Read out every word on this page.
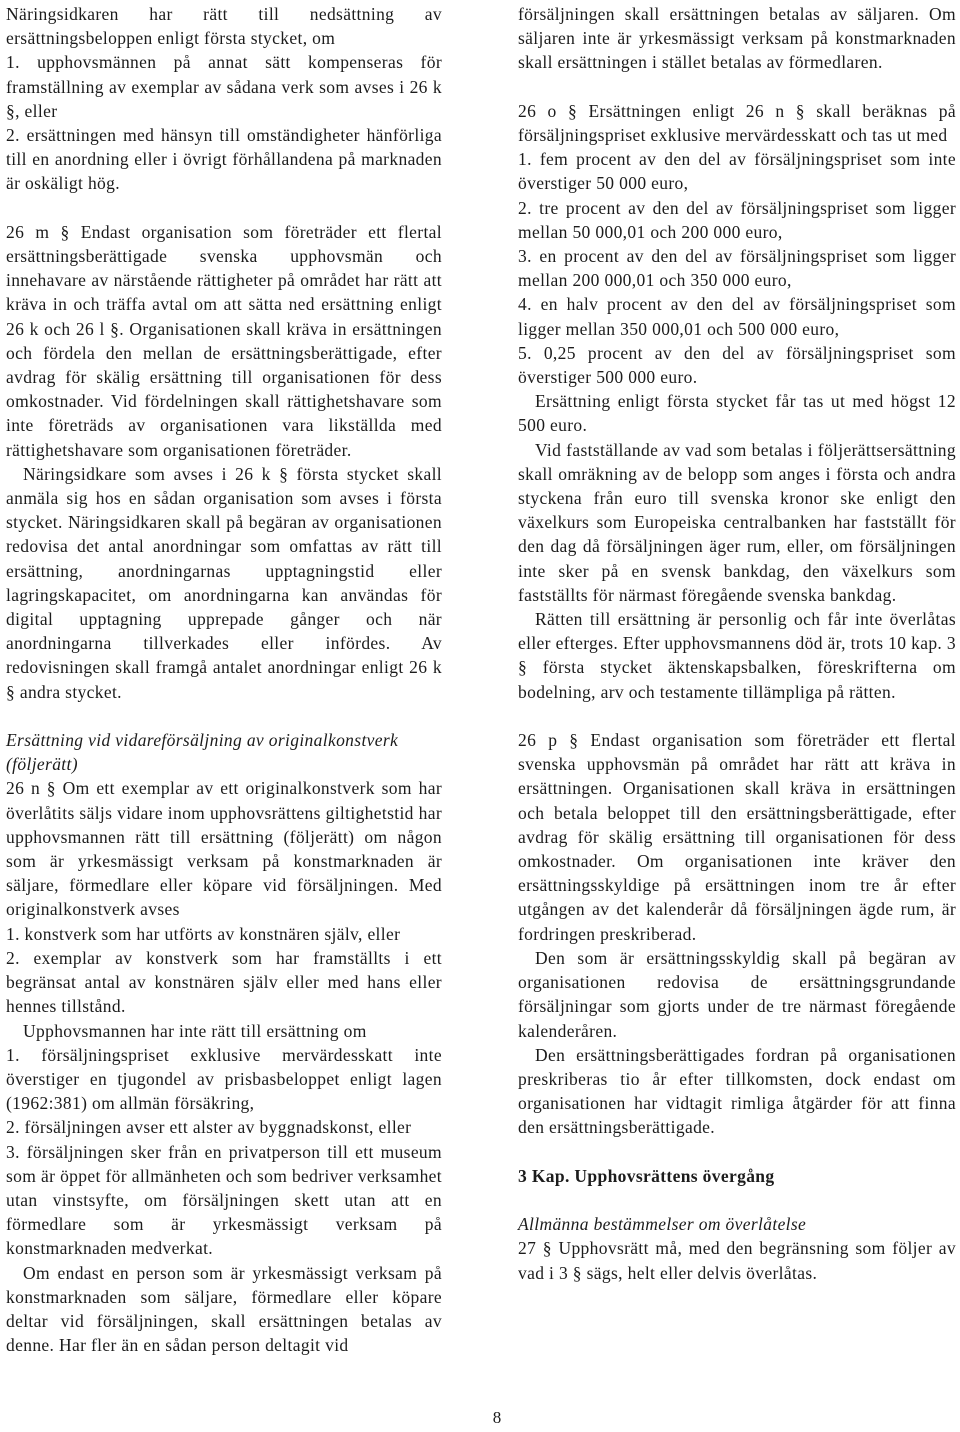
Näringsidkaren har rätt till nedsättning av ersättningsbeloppen enligt första stycket, om

1. upphovsmännen på annat sätt kompenseras för framställning av exemplar av sådana verk som avses i 26 k §, eller

2. ersättningen med hänsyn till omständigheter hänförliga till en anordning eller i övrigt förhållandena på marknaden är oskäligt hög.

26 m § Endast organisation som företräder ett flertal ersättningsberättigade svenska upphovsmän och innehavare av närstående rättigheter på området har rätt att kräva in och träffa avtal om att sätta ned ersättning enligt 26 k och 26 l §. Organisationen skall kräva in ersättningen och fördela den mellan de ersättningsberättigade, efter avdrag för skälig ersättning till organisationen för dess omkostnader. Vid fördelningen skall rättighetshavare som inte företräds av organisationen vara likställda med rättighetshavare som organisationen företräder.

Näringsidkare som avses i 26 k § första stycket skall anmäla sig hos en sådan organisation som avses i första stycket. Näringsidkaren skall på begäran av organisationen redovisa det antal anordningar som omfattas av rätt till ersättning, anordningarnas upptagningstid eller lagringskapacitet, om anordningarna kan användas för digital upptagning upprepade gånger och när anordningarna tillverkades eller infördes. Av redovisningen skall framgå antalet anordningar enligt 26 k § andra stycket.

Ersättning vid vidareförsäljning av originalkonstverk (följerätt)

26 n § Om ett exemplar av ett originalkonstverk som har överlåtits säljs vidare inom upphovsrättens giltighetstid har upphovsmannen rätt till ersättning (följerätt) om någon som är yrkesmässigt verksam på konstmarknaden är säljare, förmedlare eller köpare vid försäljningen. Med originalkonstverk avses

1. konstverk som har utförts av konstnären själv, eller

2. exemplar av konstverk som har framställts i ett begränsat antal av konstnären själv eller med hans eller hennes tillstånd.

Upphovsmannen har inte rätt till ersättning om

1. försäljningspriset exklusive mervärdesskatt inte överstiger en tjugondel av prisbasbeloppet enligt lagen (1962:381) om allmän försäkring,

2. försäljningen avser ett alster av byggnadskonst, eller

3. försäljningen sker från en privatperson till ett museum som är öppet för allmänheten och som bedriver verksamhet utan vinstsyfte, om försäljningen skett utan att en förmedlare som är yrkesmässigt verksam på konstmarknaden medverkat.

Om endast en person som är yrkesmässigt verksam på konstmarknaden som säljare, förmedlare eller köpare deltar vid försäljningen, skall ersättningen betalas av denne. Har fler än en sådan person deltagit vid

försäljningen skall ersättningen betalas av säljaren. Om säljaren inte är yrkesmässigt verksam på konstmarknaden skall ersättningen i stället betalas av förmedlaren.

26 o § Ersättningen enligt 26 n § skall beräknas på försäljningspriset exklusive mervärdesskatt och tas ut med

1. fem procent av den del av försäljningspriset som inte överstiger 50 000 euro,

2. tre procent av den del av försäljningspriset som ligger mellan 50 000,01 och 200 000 euro,

3. en procent av den del av försäljningspriset som ligger mellan 200 000,01 och 350 000 euro,

4. en halv procent av den del av försäljningspriset som ligger mellan 350 000,01 och 500 000 euro,

5. 0,25 procent av den del av försäljningspriset som överstiger 500 000 euro.

Ersättning enligt första stycket får tas ut med högst 12 500 euro.

Vid fastställande av vad som betalas i följerättsersättning skall omräkning av de belopp som anges i första och andra styckena från euro till svenska kronor ske enligt den växelkurs som Europeiska centralbanken har fastställt för den dag då försäljningen äger rum, eller, om försäljningen inte sker på en svensk bankdag, den växelkurs som fastställts för närmast föregående svenska bankdag.

Rätten till ersättning är personlig och får inte överlåtas eller efterges. Efter upphovsmannens död är, trots 10 kap. 3 § första stycket äktenskapsbalken, föreskrifterna om bodelning, arv och testamente tillämpliga på rätten.

26 p § Endast organisation som företräder ett flertal svenska upphovsmän på området har rätt att kräva in ersättningen. Organisationen skall kräva in ersättningen och betala beloppet till den ersättningsberättigade, efter avdrag för skälig ersättning till organisationen för dess omkostnader. Om organisationen inte kräver den ersättningsskyldige på ersättningen inom tre år efter utgången av det kalenderår då försäljningen ägde rum, är fordringen preskriberad.

Den som är ersättningsskyldig skall på begäran av organisationen redovisa de ersättningsgrundande försäljningar som gjorts under de tre närmast föregående kalenderåren.

Den ersättningsberättigades fordran på organisationen preskriberas tio år efter tillkomsten, dock endast om organisationen har vidtagit rimliga åtgärder för att finna den ersättningsberättigade.

3 Kap. Upphovsrättens övergång

Allmänna bestämmelser om överlåtelse

27 § Upphovsrätt må, med den begränsning som följer av vad i 3 § sägs, helt eller delvis överlåtas.

8
